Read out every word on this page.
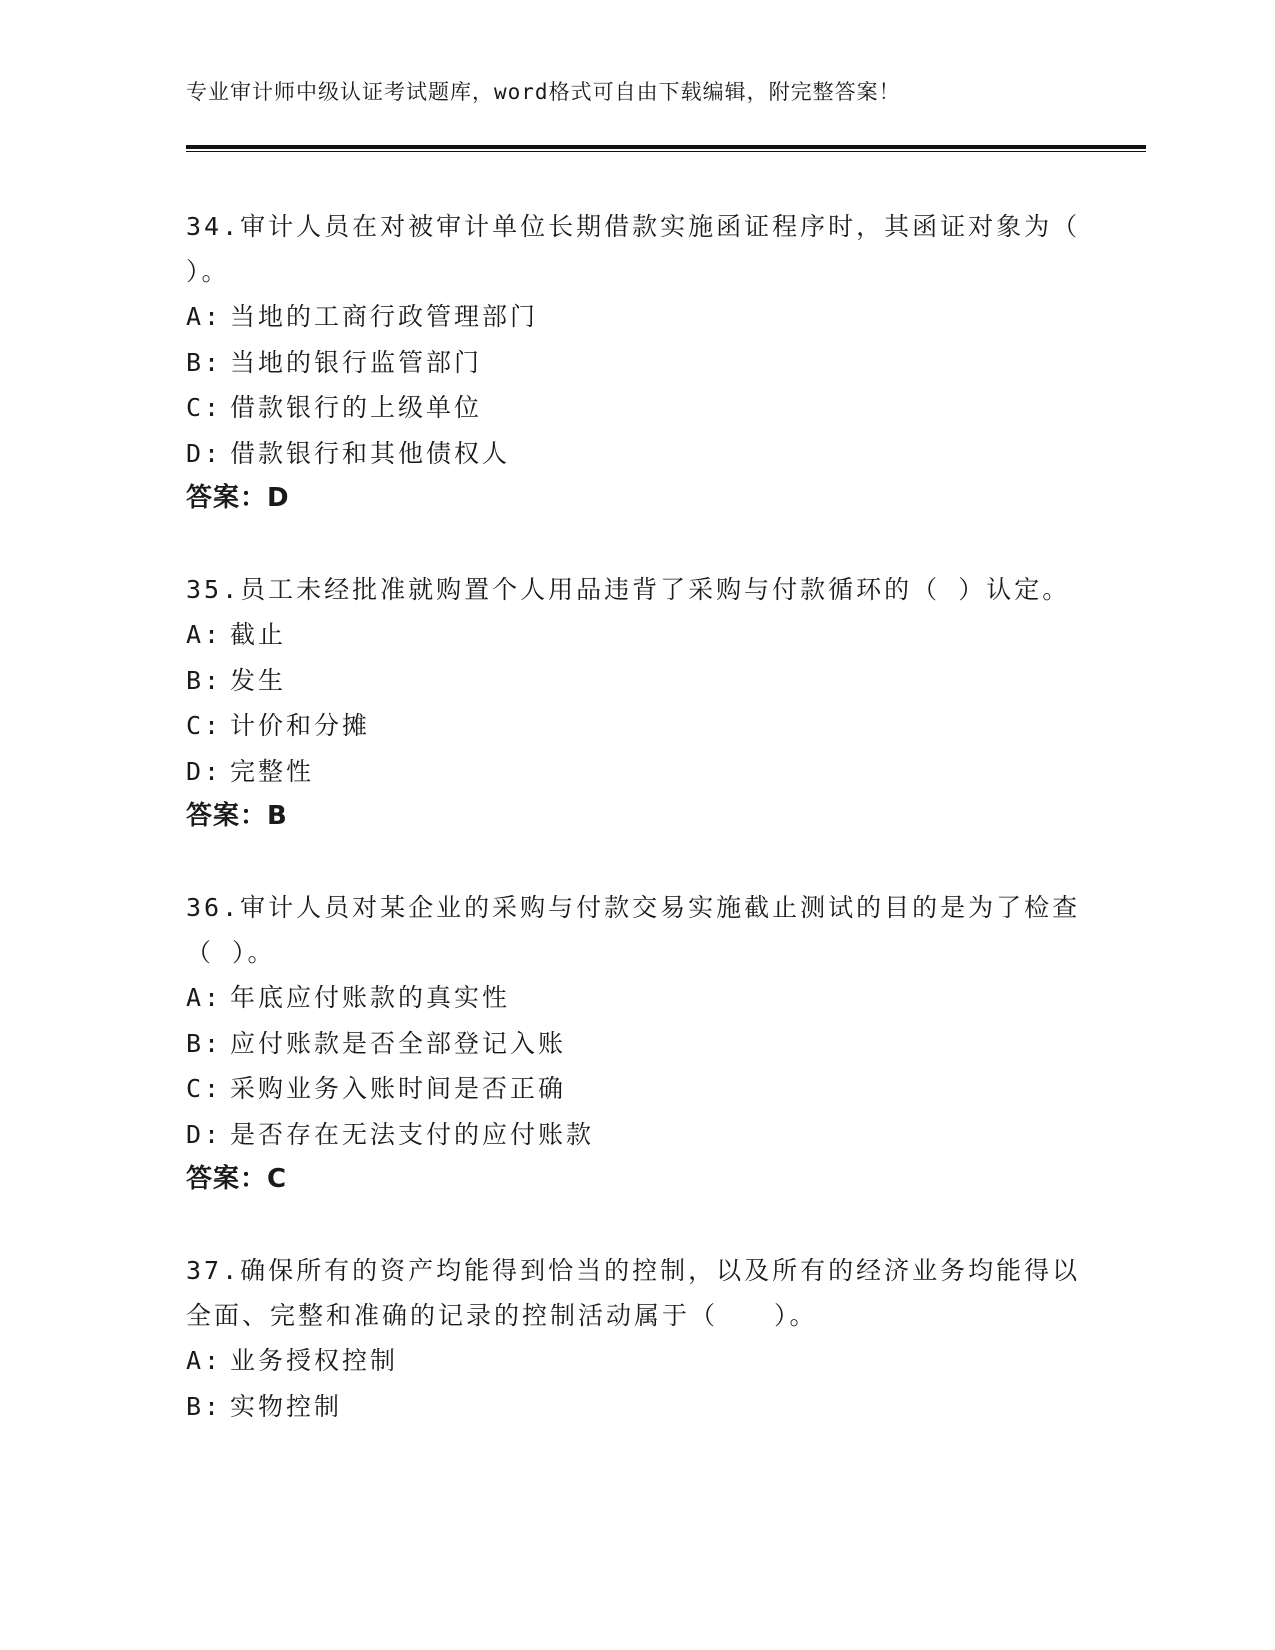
专业审计师中级认证考试题库，word格式可自由下载编辑，附完整答案！
34.审计人员在对被审计单位长期借款实施函证程序时，其函证对象为（　　）。
A: 当地的工商行政管理部门
B: 当地的银行监管部门
C: 借款银行的上级单位
D: 借款银行和其他债权人
答案：D
35.员工未经批准就购置个人用品违背了采购与付款循环的（ ）认定。
A: 截止
B: 发生
C: 计价和分摊
D: 完整性
答案：B
36.审计人员对某企业的采购与付款交易实施截止测试的目的是为了检查（ ）。
A: 年底应付账款的真实性
B: 应付账款是否全部登记入账
C: 采购业务入账时间是否正确
D: 是否存在无法支付的应付账款
答案：C
37.确保所有的资产均能得到恰当的控制，以及所有的经济业务均能得以全面、完整和准确的记录的控制活动属于（　　）。
A: 业务授权控制
B: 实物控制
